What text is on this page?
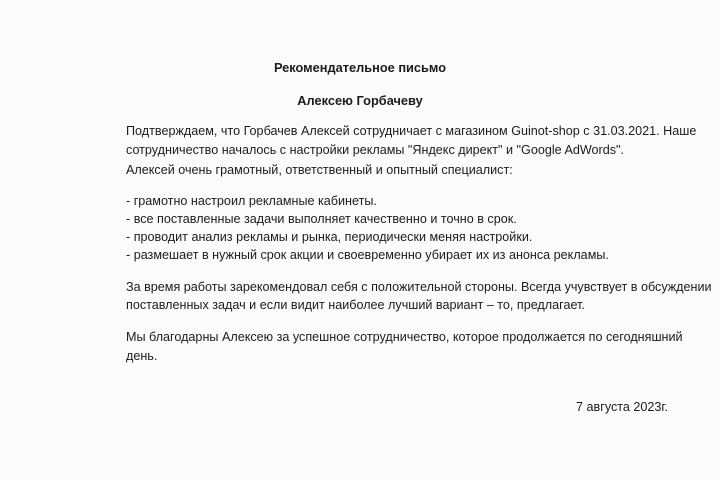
Рекомендательное письмо
Алексею Горбачеву
Подтверждаем, что Горбачев Алексей сотрудничает с магазином Guinot-shop с 31.03.2021. Наше
сотрудничество началось с настройки рекламы "Яндекс директ" и "Google AdWords".
Алексей очень грамотный, ответственный и опытный специалист:
- грамотно настроил рекламные кабинеты.
- все поставленные задачи выполняет качественно и точно в срок.
- проводит анализ рекламы и рынка, периодически меняя настройки.
- размешает в нужный срок акции и своевременно убирает их из анонса рекламы.
За время работы зарекомендовал себя с положительной стороны. Всегда учувствует в обсуждении
поставленных задач и если видит наиболее лучший вариант – то, предлагает.
Мы благодарны Алексею за успешное сотрудничество, которое продолжается по сегодняшний
день.
7 августа 2023г.
